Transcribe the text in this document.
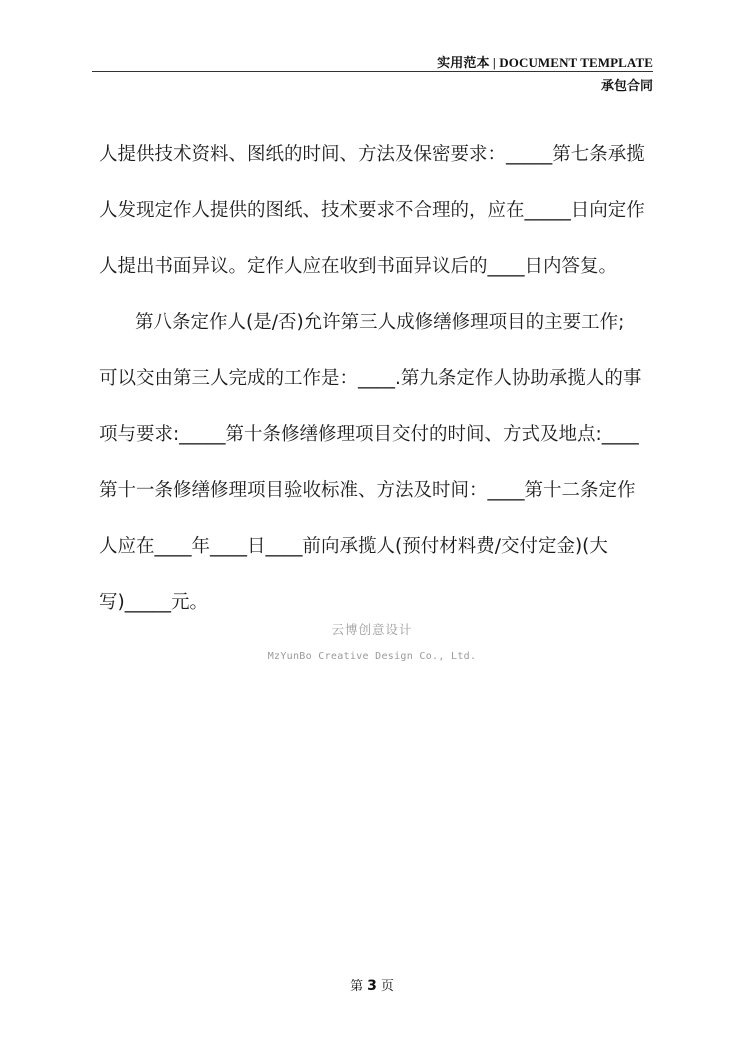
实用范本 | DOCUMENT TEMPLATE
承包合同
人提供技术资料、图纸的时间、方法及保密要求：_____第七条承揽
人发现定作人提供的图纸、技术要求不合理的，应在_____日向定作
人提出书面异议。定作人应在收到书面异议后的____日内答复。
第八条定作人(是/否)允许第三人成修缮修理项目的主要工作;
可以交由第三人完成的工作是：____.第九条定作人协助承揽人的事
项与要求:_____第十条修缮修理项目交付的时间、方式及地点:____
第十一条修缮修理项目验收标准、方法及时间：____第十二条定作
人应在____年____日____前向承揽人(预付材料费/交付定金)(大
写)_____元。
云博创意设计
MzYunBo Creative Design Co., Ltd.
第 3 页
